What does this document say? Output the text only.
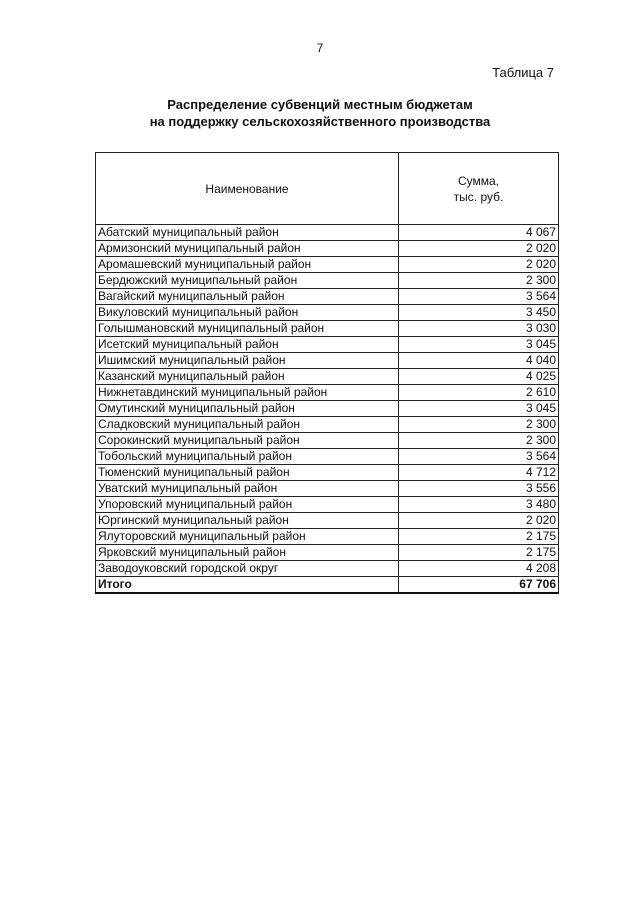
7
Таблица 7
Распределение субвенций местным бюджетам
на поддержку сельскохозяйственного производства
Наименование	Сумма,
тыс. руб.

Абатский муниципальный район	4 067
Армизонский муниципальный район	2 020
Аромашевский муниципальный район	2 020
Бердюжский муниципальный район	2 300
Вагайский муниципальный район	3 564
Викуловский муниципальный район	3 450
Голышмановский муниципальный район	3 030
Исетский муниципальный район	3 045
Ишимский муниципальный район	4 040
Казанский муниципальный район	4 025
Нижнетавдинский муниципальный район	2 610
Омутинский муниципальный район	3 045
Сладковский муниципальный район	2 300
Сорокинский муниципальный район	2 300
Тобольский муниципальный район	3 564
Тюменский муниципальный район	4 712
Уватский муниципальный район	3 556
Упоровский муниципальный район	3 480
Юргинский муниципальный район	2 020
Ялуторовский муниципальный район	2 175
Ярковский муниципальный район	2 175
Заводоуковский городской округ	4 208
Итого	67 706
